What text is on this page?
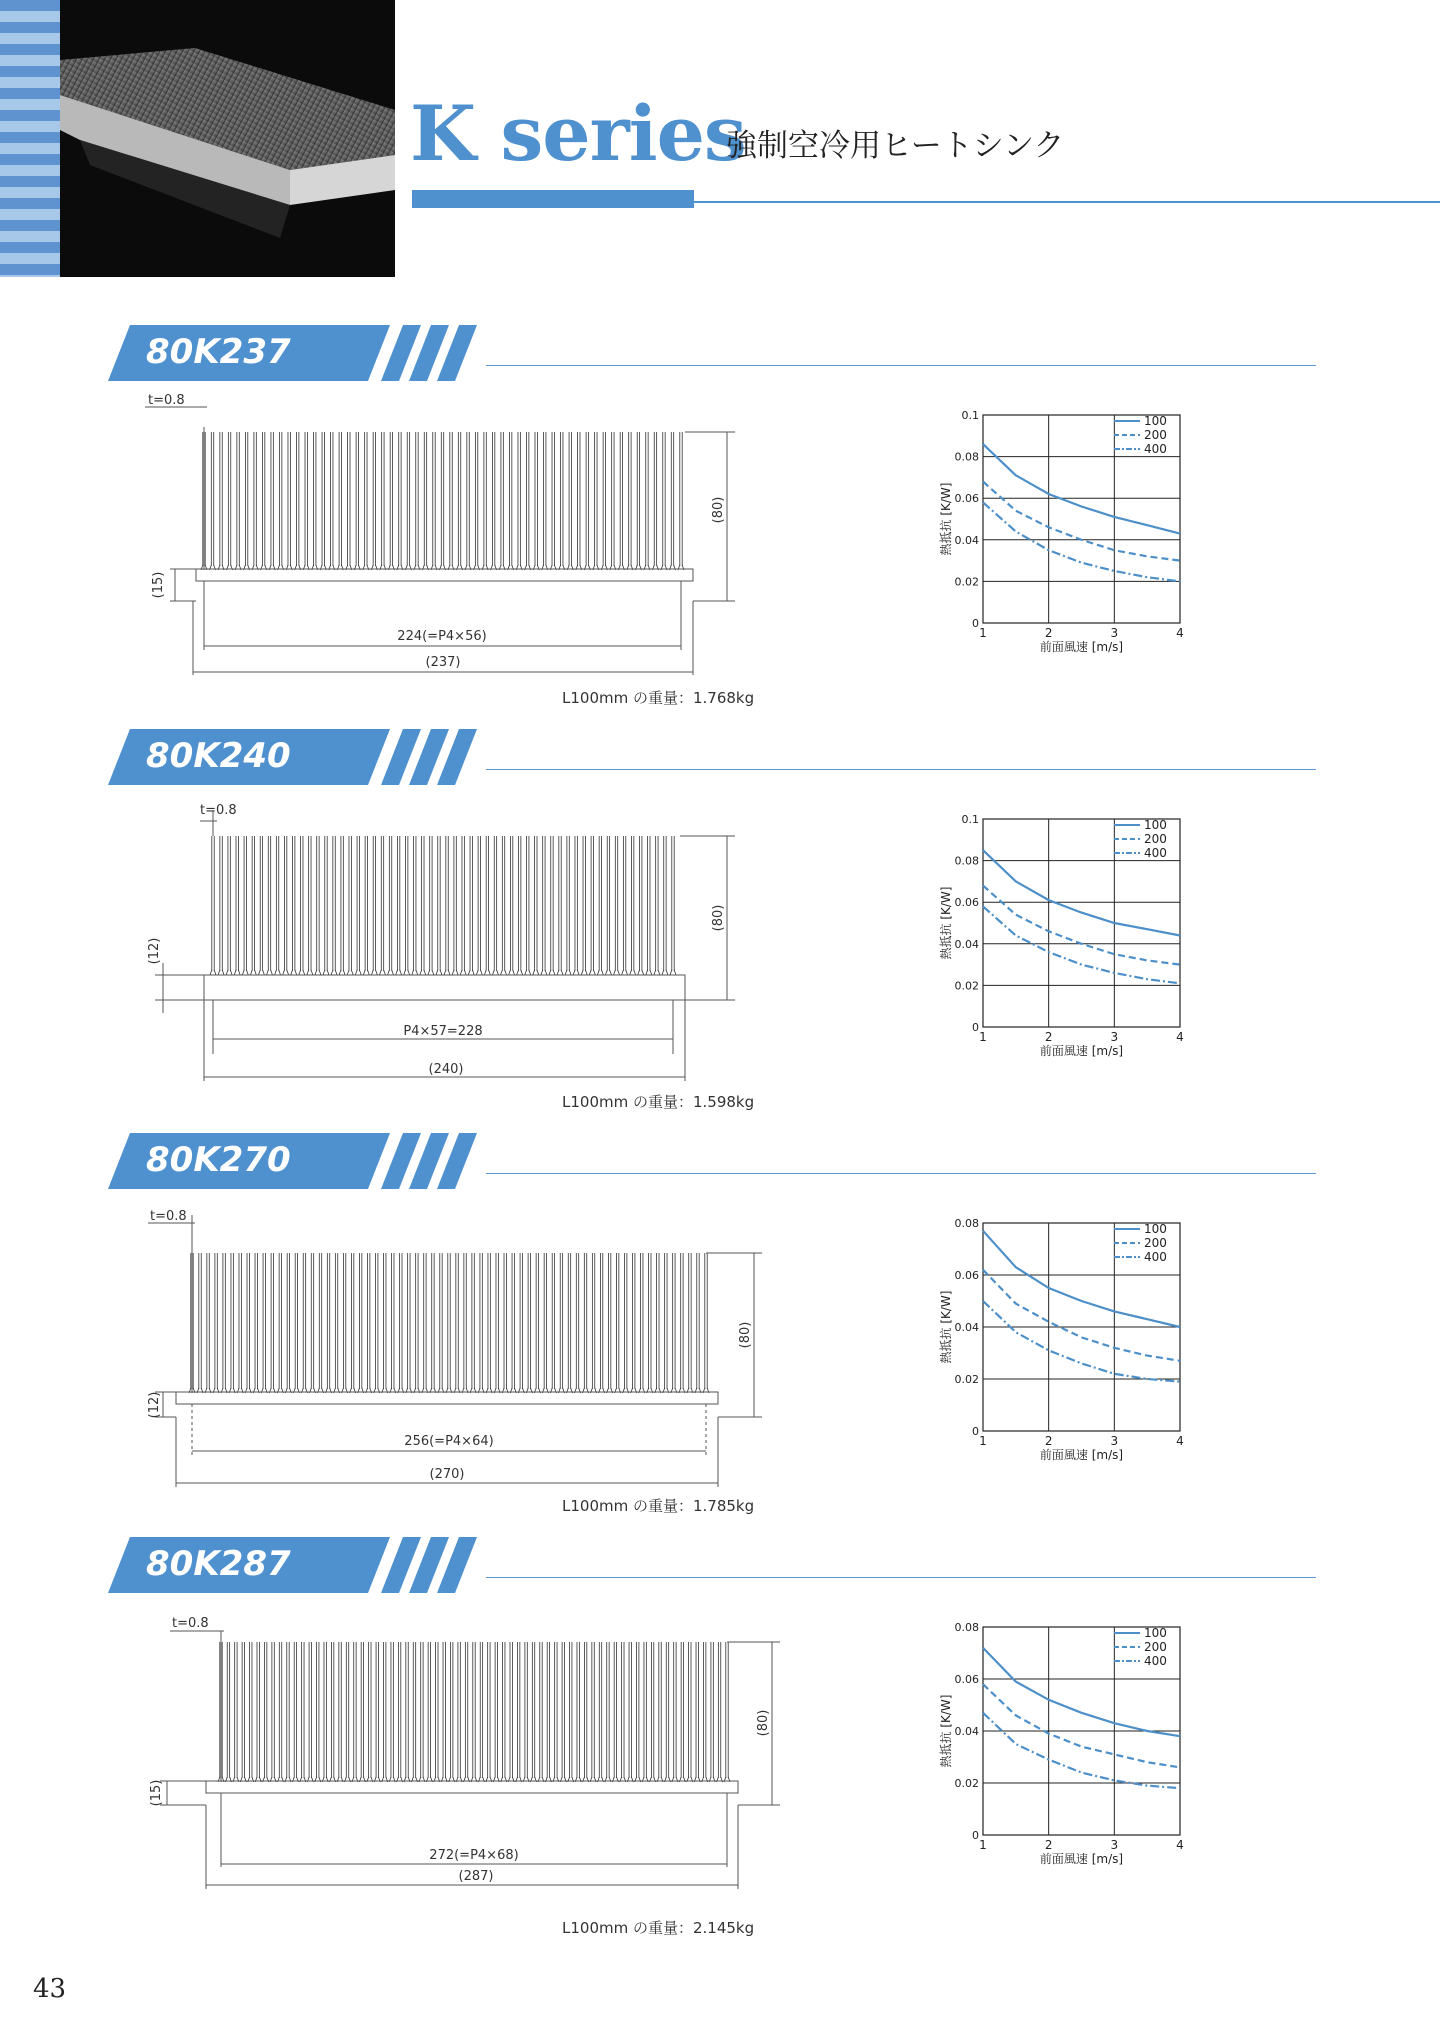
K series
強制空冷用ヒートシンク
80K237
t=0.8
(80)
(15)
224(=P4×56)
(237)
L100mm の重量：1.768kg
1	2	3	4
0
0.02
0.04
0.06
0.08
0.1
前面風速 [m/s]
熱抵抗 [K/W]
100
200
400
80K240
t=0.8
(80)
(12)
P4×57=228
(240)
L100mm の重量：1.598kg
1	2	3	4
0
0.02
0.04
0.06
0.08
0.1
前面風速 [m/s]
熱抵抗 [K/W]
100
200
400
80K270
t=0.8
(80)
(12)
256(=P4×64)
(270)
L100mm の重量：1.785kg
1	2	3	4
0
0.02
0.04
0.06
0.08
前面風速 [m/s]
熱抵抗 [K/W]
100
200
400
80K287
t=0.8
(80)
(15)
272(=P4×68)
(287)
L100mm の重量：2.145kg
1	2	3	4
0
0.02
0.04
0.06
0.08
前面風速 [m/s]
熱抵抗 [K/W]
100
200
400
43
